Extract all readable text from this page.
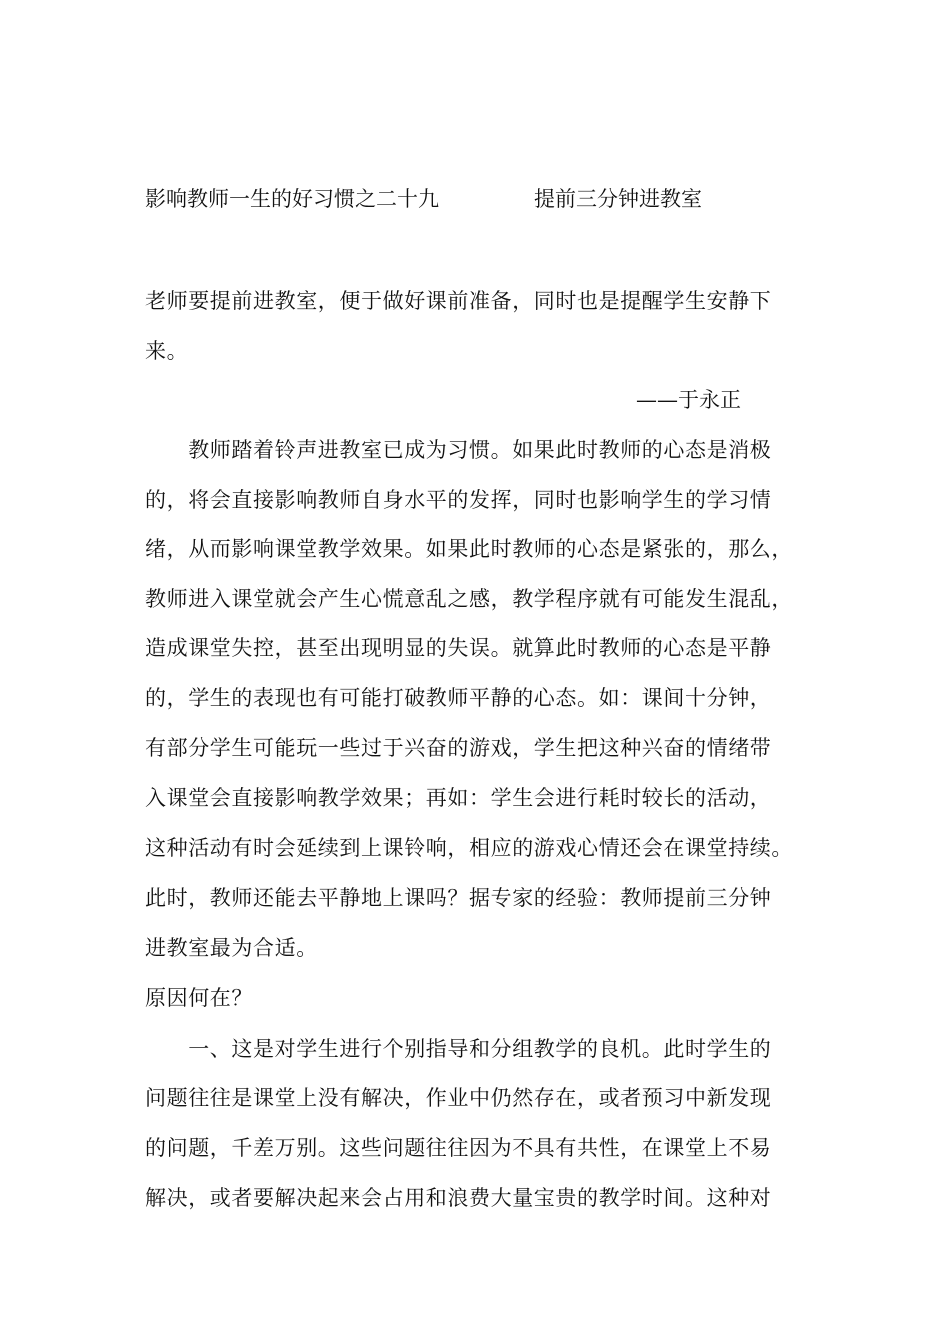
影响教师一生的好习惯之二十九	提前三分钟进教室
老师要提前进教室，便于做好课前准备，同时也是提醒学生安静下
来。
——于永正
　　教师踏着铃声进教室已成为习惯。如果此时教师的心态是消极
的，将会直接影响教师自身水平的发挥，同时也影响学生的学习情
绪，从而影响课堂教学效果。如果此时教师的心态是紧张的，那么，
教师进入课堂就会产生心慌意乱之感，教学程序就有可能发生混乱，
造成课堂失控，甚至出现明显的失误。就算此时教师的心态是平静
的，学生的表现也有可能打破教师平静的心态。如：课间十分钟，
有部分学生可能玩一些过于兴奋的游戏，学生把这种兴奋的情绪带
入课堂会直接影响教学效果；再如：学生会进行耗时较长的活动，
这种活动有时会延续到上课铃响，相应的游戏心情还会在课堂持续。
此时，教师还能去平静地上课吗？据专家的经验：教师提前三分钟
进教室最为合适。
原因何在？
　　一、这是对学生进行个别指导和分组教学的良机。此时学生的
问题往往是课堂上没有解决，作业中仍然存在，或者预习中新发现
的问题，千差万别。这些问题往往因为不具有共性，在课堂上不易
解决，或者要解决起来会占用和浪费大量宝贵的教学时间。这种对
